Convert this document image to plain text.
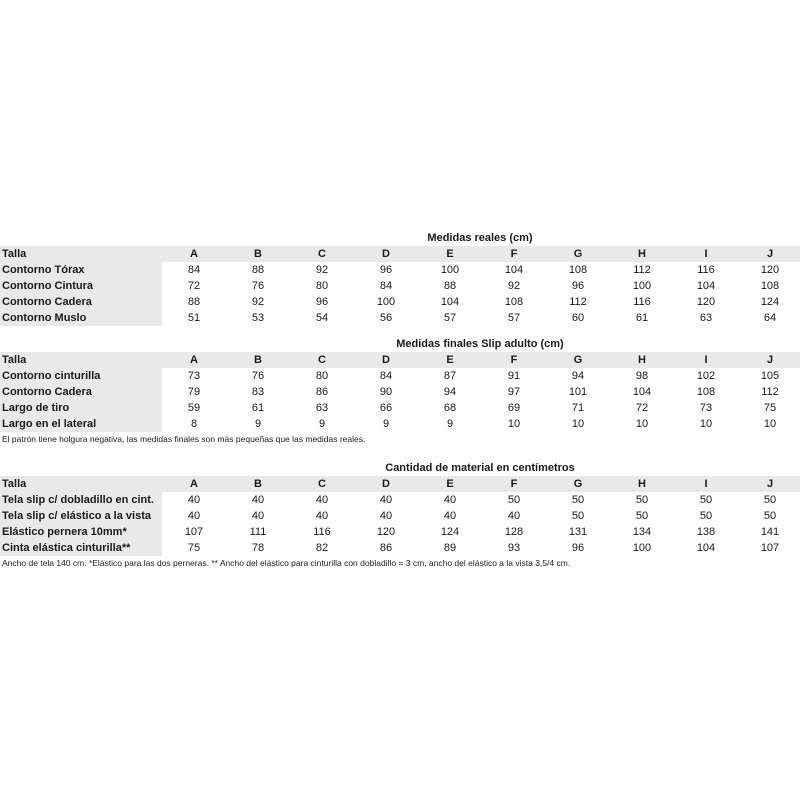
Medidas reales (cm)
Talla	A	B	C	D	E	F	G	H	I	J
Contorno Tórax	84	88	92	96	100	104	108	112	116	120
Contorno Cintura	72	76	80	84	88	92	96	100	104	108
Contorno Cadera	88	92	96	100	104	108	112	116	120	124
Contorno Muslo	51	53	54	56	57	57	60	61	63	64
Medidas finales Slip adulto (cm)
Talla	A	B	C	D	E	F	G	H	I	J
Contorno cinturilla	73	76	80	84	87	91	94	98	102	105
Contorno Cadera	79	83	86	90	94	97	101	104	108	112
Largo de tiro	59	61	63	66	68	69	71	72	73	75
Largo en el lateral	8	9	9	9	9	10	10	10	10	10
El patrón tiene holgura negativa, las medidas finales son más pequeñas que las medidas reales.
Cantidad de material en centímetros
Talla	A	B	C	D	E	F	G	H	I	J
Tela slip c/ dobladillo en cint.	40	40	40	40	40	50	50	50	50	50
Tela slip c/ elástico a la vista	40	40	40	40	40	40	50	50	50	50
Elástico pernera 10mm*	107	111	116	120	124	128	131	134	138	141
Cinta elástica cinturilla**	75	78	82	86	89	93	96	100	104	107
Ancho de tela 140 cm. *Elástico para las dos perneras. ** Ancho del elástico para cinturilla con dobladillo = 3 cm, ancho del elástico a la vista 3,5/4 cm.
